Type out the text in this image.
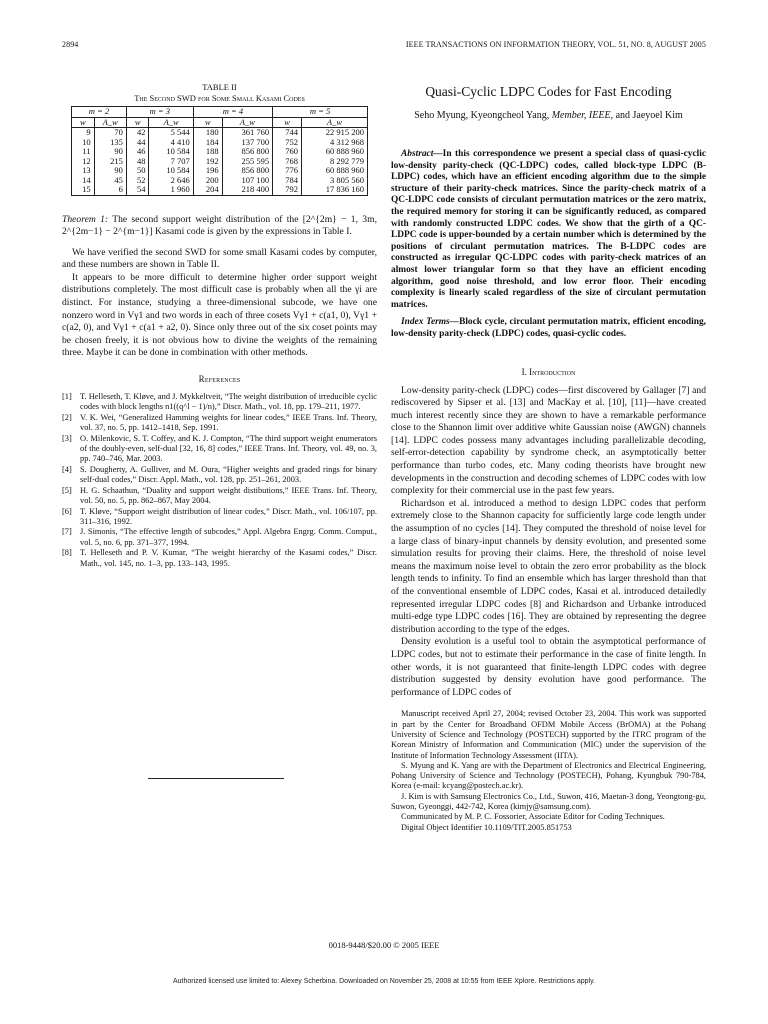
2894	IEEE TRANSACTIONS ON INFORMATION THEORY, VOL. 51, NO. 8, AUGUST 2005
TABLE II
The Second SWD for Some Small Kasami Codes
m = 2		m = 3		m = 4		m = 5	
w	A_w	w	A_w	w	A_w	w	A_w
9	70	42	5 544	180	361 760	744	22 915 200
10	135	44	4 410	184	137 700	752	4 312 968
11	90	46	10 584	188	856 800	760	60 888 960
12	215	48	7 707	192	255 595	768	8 292 779
13	90	50	10 584	196	856 800	776	60 888 960
14	45	52	2 646	200	107 100	784	3 805 560
15	6	54	1 960	204	218 400	792	17 836 160

Theorem 1: The second support weight distribution of the [2^{2m} − 1, 3m, 2^{2m−1} − 2^{m−1}] Kasami code is given by the expressions in Table I.

We have verified the second SWD for some small Kasami codes by computer, and these numbers are shown in Table II.

It appears to be more difficult to determine higher order support weight distributions completely. The most difficult case is probably when all the γi are distinct. For instance, studying a three-dimensional subcode, we have one nonzero word in Vγ1 and two words in each of three cosets Vγ1 + c(a1, 0), Vγ1 + c(a2, 0), and Vγ1 + c(a1 + a2, 0). Since only three out of the six coset points may be chosen freely, it is not obvious how to divine the weights of the remaining three. Maybe it can be done in combination with other methods.

References
[1] T. Helleseth, T. Kløve, and J. Mykkeltveit, “The weight distribution of irreducible cyclic codes with block lengths n1((q^l − 1)/n),” Discr. Math., vol. 18, pp. 179–211, 1977.
[2] V. K. Wei, “Generalized Hamming weights for linear codes,” IEEE Trans. Inf. Theory, vol. 37, no. 5, pp. 1412–1418, Sep. 1991.
[3] O. Milenkovic, S. T. Coffey, and K. J. Compton, “The third support weight enumerators of the doubly-even, self-dual [32, 16, 8] codes,” IEEE Trans. Inf. Theory, vol. 49, no. 3, pp. 740–746, Mar. 2003.
[4] S. Dougherty, A. Gulliver, and M. Oura, “Higher weights and graded rings for binary self-dual codes,” Discr. Appl. Math., vol. 128, pp. 251–261, 2003.
[5] H. G. Schaathun, “Duality and support weight distibutions,” IEEE Trans. Inf. Theory, vol. 50, no. 5, pp. 862–867, May 2004.
[6] T. Kløve, “Support weight distribution of linear codes,” Discr. Math., vol. 106/107, pp. 311–316, 1992.
[7] J. Simonis, “The effective length of subcodes,” Appl. Algebra Engrg. Comm. Comput., vol. 5, no. 6, pp. 371–377, 1994.
[8] T. Helleseth and P. V. Kumar, “The weight hierarchy of the Kasami codes,” Discr. Math., vol. 145, no. 1–3, pp. 133–143, 1995.
Quasi-Cyclic LDPC Codes for Fast Encoding
Seho Myung, Kyeongcheol Yang, Member, IEEE, and Jaeyoel Kim

Abstract—In this correspondence we present a special class of quasi-cyclic low-density parity-check (QC-LDPC) codes, called block-type LDPC (B-LDPC) codes, which have an efficient encoding algorithm due to the simple structure of their parity-check matrices. Since the parity-check matrix of a QC-LDPC code consists of circulant permutation matrices or the zero matrix, the required memory for storing it can be significantly reduced, as compared with randomly constructed LDPC codes. We show that the girth of a QC-LDPC code is upper-bounded by a certain number which is determined by the positions of circulant permutation matrices. The B-LDPC codes are constructed as irregular QC-LDPC codes with parity-check matrices of an almost lower triangular form so that they have an efficient encoding algorithm, good noise threshold, and low error floor. Their encoding complexity is linearly scaled regardless of the size of circulant permutation matrices.

Index Terms—Block cycle, circulant permutation matrix, efficient encoding, low-density parity-check (LDPC) codes, quasi-cyclic codes.

I. Introduction

Low-density parity-check (LDPC) codes—first discovered by Gallager [7] and rediscovered by Sipser et al. [13] and MacKay et al. [10], [11]—have created much interest recently since they are shown to have a remarkable performance close to the Shannon limit over additive white Gaussian noise (AWGN) channels [14]. LDPC codes possess many advantages including parallelizable decoding, self-error-detection capability by syndrome check, an asymptotically better performance than turbo codes, etc. Many coding theorists have brought new developments in the construction and decoding schemes of LDPC codes with low complexity for their commercial use in the past few years.

Richardson et al. introduced a method to design LDPC codes that perform extremely close to the Shannon capacity for sufficiently large code length under the assumption of no cycles [14]. They computed the threshold of noise level for a large class of binary-input channels by density evolution, and presented some simulation results for proving their claims. Here, the threshold of noise level means the maximum noise level to obtain the zero error probability as the block length tends to infinity. To find an ensemble which has larger threshold than that of the conventional ensemble of LDPC codes, Kasai et al. introduced detailedly represented irregular LDPC codes [8] and Richardson and Urbanke introduced multi-edge type LDPC codes [16]. They are obtained by representing the degree distribution according to the type of the edges.

Density evolution is a useful tool to obtain the asymptotical performance of LDPC codes, but not to estimate their performance in the case of finite length. In other words, it is not guaranteed that finite-length LDPC codes with degree distribution suggested by density evolution have good performance. The performance of LDPC codes of

Manuscript received April 27, 2004; revised October 23, 2004. This work was supported in part by the Center for Broadband OFDM Mobile Access (BrOMA) at the Pohang University of Science and Technology (POSTECH) supported by the ITRC program of the Korean Ministry of Information and Communication (MIC) under the supervision of the Institute of Information Technology Assessment (IITA).

S. Myung and K. Yang are with the Department of Electronics and Electrical Engineering, Pohang University of Science and Technology (POSTECH), Pohang, Kyungbuk 790-784, Korea (e-mail: kcyang@postech.ac.kr).

J. Kim is with Samsung Electronics Co., Ltd., Suwon, 416, Maetan-3 dong, Yeongtong-gu, Suwon, Gyeonggi, 442-742, Korea (kimjy@samsung.com).

Communicated by M. P. C. Fossorier, Associate Editor for Coding Techniques.

Digital Object Identifier 10.1109/TIT.2005.851753

0018-9448/$20.00 © 2005 IEEE
Authorized licensed use limited to: Alexey Scherbina. Downloaded on November 25, 2008 at 10:55 from IEEE Xplore. Restrictions apply.
